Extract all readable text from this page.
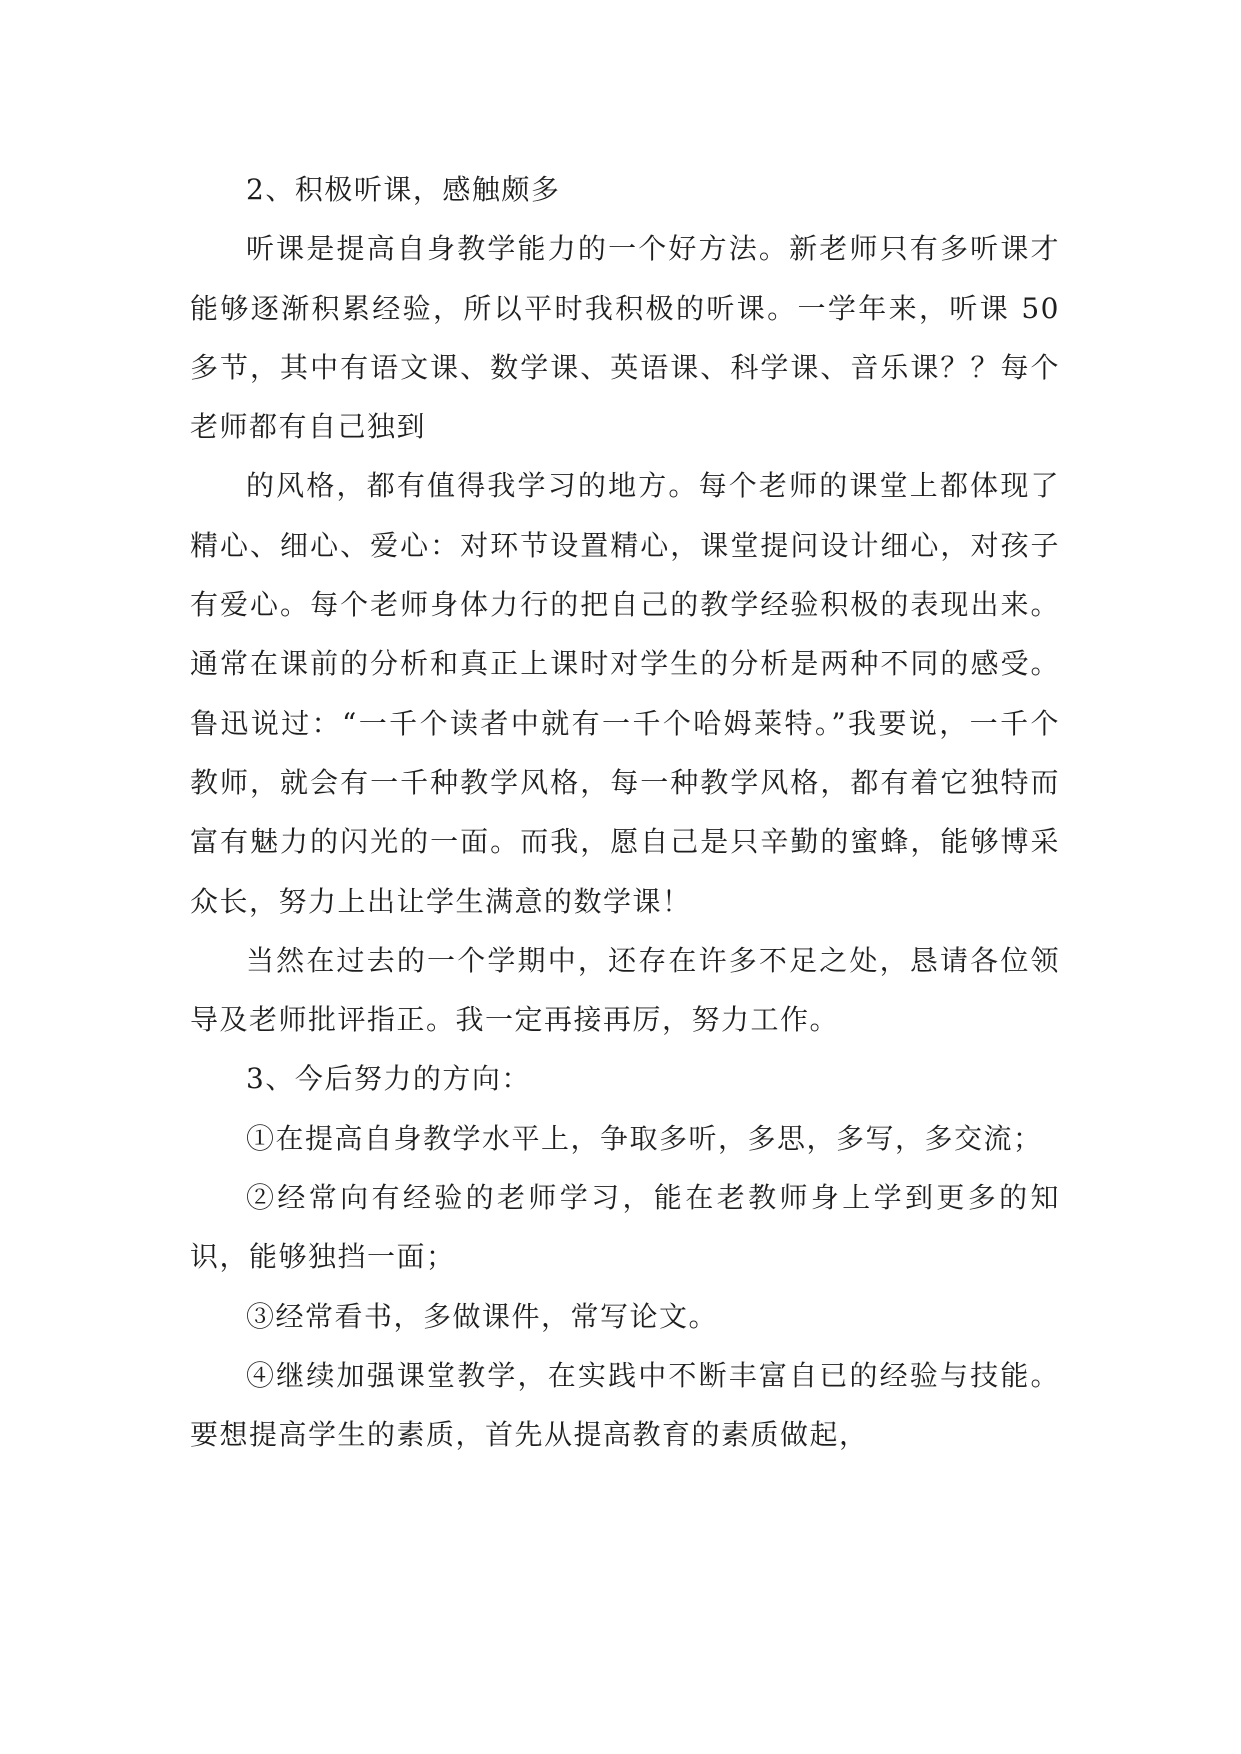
2、积极听课，感触颇多

听课是提高自身教学能力的一个好方法。新老师只有多听课才能够逐渐积累经验，所以平时我积极的听课。一学年来，听课 50 多节，其中有语文课、数学课、英语课、科学课、音乐课？？每个老师都有自己独到

的风格，都有值得我学习的地方。每个老师的课堂上都体现了精心、细心、爱心：对环节设置精心，课堂提问设计细心，对孩子有爱心。每个老师身体力行的把自己的教学经验积极的表现出来。通常在课前的分析和真正上课时对学生的分析是两种不同的感受。鲁迅说过：“一千个读者中就有一千个哈姆莱特。”我要说，一千个教师，就会有一千种教学风格，每一种教学风格，都有着它独特而富有魅力的闪光的一面。而我，愿自己是只辛勤的蜜蜂，能够博采众长，努力上出让学生满意的数学课！

当然在过去的一个学期中，还存在许多不足之处，恳请各位领导及老师批评指正。我一定再接再厉，努力工作。

3、今后努力的方向：

①在提高自身教学水平上，争取多听，多思，多写，多交流；

②经常向有经验的老师学习，能在老教师身上学到更多的知识，能够独挡一面；

③经常看书，多做课件，常写论文。

④继续加强课堂教学，在实践中不断丰富自已的经验与技能。要想提高学生的素质，首先从提高教育的素质做起，
